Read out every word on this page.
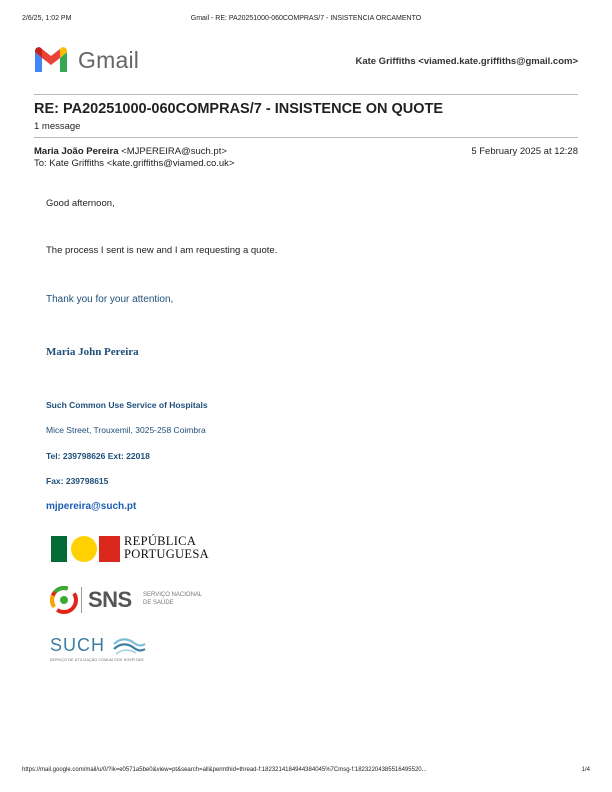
2/6/25, 1:02 PM	Gmail - RE: PA20251000-060COMPRAS/7 - INSISTENCIA ORCAMENTO
Gmail	Kate Griffiths <viamed.kate.griffiths@gmail.com>
RE: PA20251000-060COMPRAS/7 - INSISTENCE ON QUOTE
1 message
Maria João Pereira <MJPEREIRA@such.pt>	5 February 2025 at 12:28
To: Kate Griffiths <kate.griffiths@viamed.co.uk>
Good afternoon,
The process I sent is new and I am requesting a quote.
Thank you for your attention,
Maria John Pereira
Such Common Use Service of Hospitals
Mice Street, Trouxemil, 3025-258 Coimbra
Tel: 239798626 Ext: 22018
Fax: 239798615
mjpereira@such.pt
REPÚBLICA
PORTUGUESA
SNS SERVIÇO NACIONAL
DE SAÚDE
SUCH
SERVIÇO DE UTILIZAÇÃO COMUM DOS HOSPITAIS
https://mail.google.com/mail/u/0/?ik=e0571a5be0&view=pt&search=all&permthid=thread-f:1823214184944384045%7Cmsg-f:18232204385516495520...	1/4
